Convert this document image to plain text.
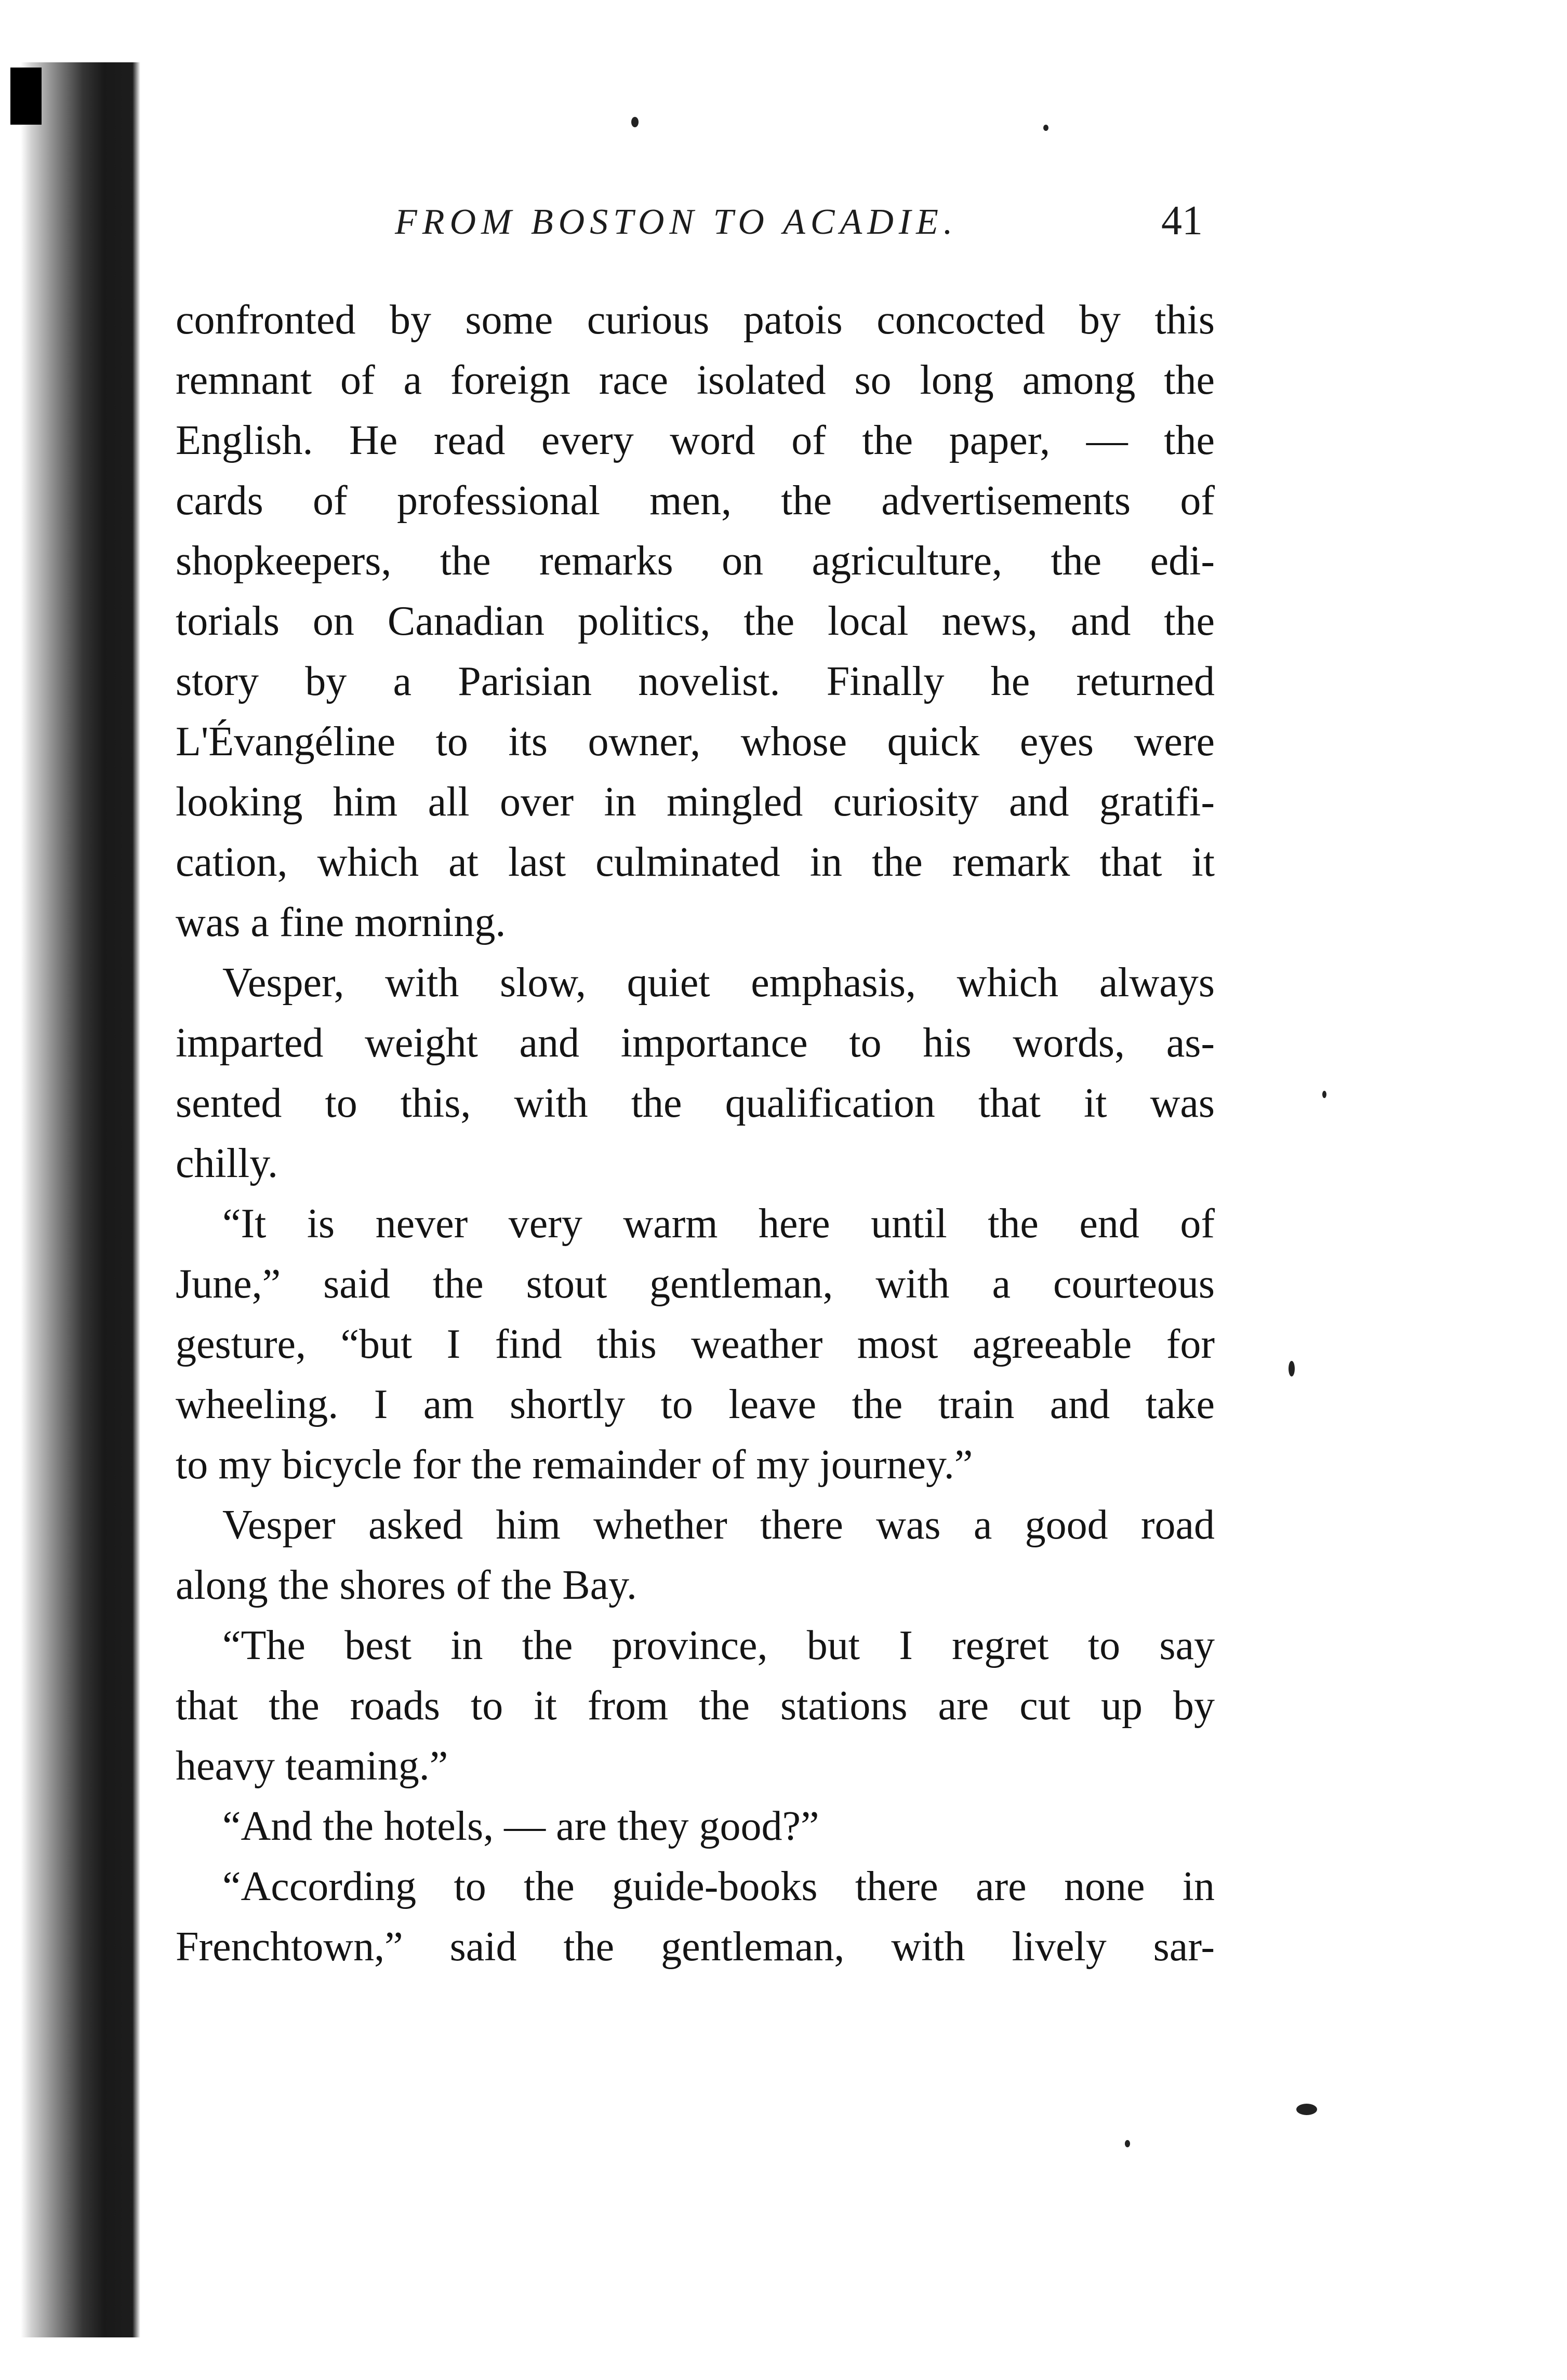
FROM BOSTON TO ACADIE.	41
confronted by some curious patois concocted by this
remnant of a foreign race isolated so long among the
English. He read every word of the paper, — the
cards of professional men, the advertisements of
shopkeepers, the remarks on agriculture, the edi-
torials on Canadian politics, the local news, and the
story by a Parisian novelist. Finally he returned
L'Évangéline to its owner, whose quick eyes were
looking him all over in mingled curiosity and gratifi-
cation, which at last culminated in the remark that it
was a fine morning.
Vesper, with slow, quiet emphasis, which always
imparted weight and importance to his words, as-
sented to this, with the qualification that it was
chilly.
“It is never very warm here until the end of
June,” said the stout gentleman, with a courteous
gesture, “but I find this weather most agreeable for
wheeling. I am shortly to leave the train and take
to my bicycle for the remainder of my journey.”
Vesper asked him whether there was a good road
along the shores of the Bay.
“The best in the province, but I regret to say
that the roads to it from the stations are cut up by
heavy teaming.”
“And the hotels, — are they good?”
“According to the guide-books there are none in
Frenchtown,” said the gentleman, with lively sar-
